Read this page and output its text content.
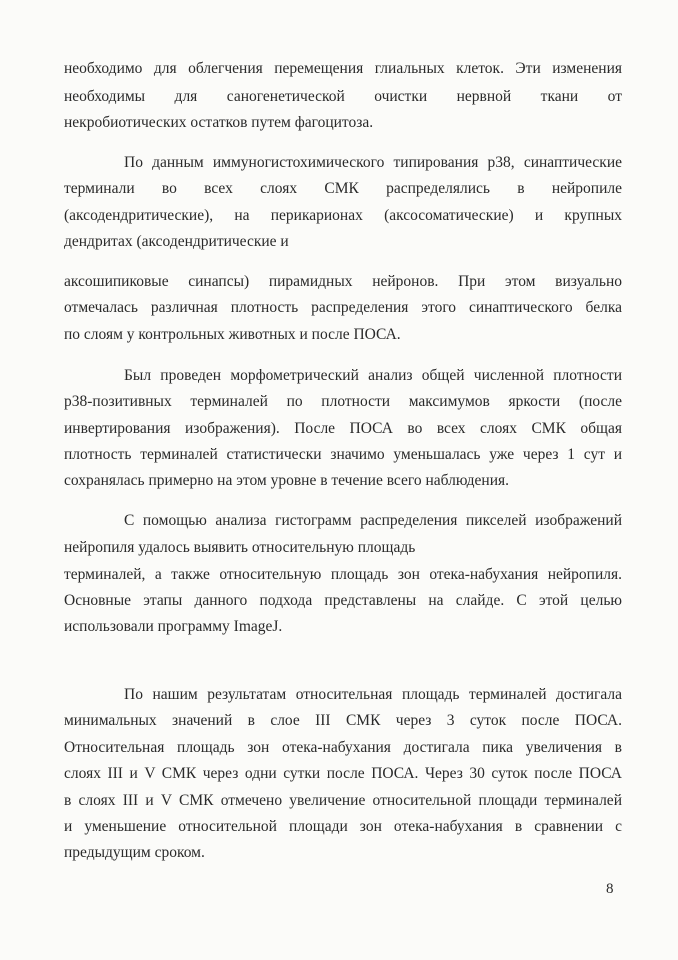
необходимо для облегчения перемещения глиальных клеток. Эти изменения
необходимы для саногенетической очистки нервной ткани от
некробиотических остатков путем фагоцитоза.
По данным иммуногистохимического типирования р38, синаптические
терминали во всех слоях СМК распределялись в нейропиле
(аксодендритические), на перикарионах (аксосоматические) и крупных
дендритах (аксодендритические и
аксошипиковые синапсы) пирамидных нейронов. При этом визуально
отмечалась различная плотность распределения этого синаптического белка
по слоям у контрольных животных и после ПОСА.
Был проведен морфометрический анализ общей численной плотности
р38-позитивных терминалей по плотности максимумов яркости (после
инвертирования изображения). После ПОСА во всех слоях СМК общая
плотность терминалей статистически значимо уменьшалась уже через 1 сут и
сохранялась примерно на этом уровне в течение всего наблюдения.
С помощью анализа гистограмм распределения пикселей изображений
нейропиля удалось выявить относительную площадь
терминалей, а также относительную площадь зон отека-набухания нейропиля.
Основные этапы данного подхода представлены на слайде. С этой целью
использовали программу ImageJ.
По нашим результатам относительная площадь терминалей достигала
минимальных значений в слое III СМК через 3 суток после ПОСА.
Относительная площадь зон отека-набухания достигала пика увеличения в
слоях III и V СМК через одни сутки после ПОСА. Через 30 суток после ПОСА
в слоях III и V СМК отмечено увеличение относительной площади терминалей
и уменьшение относительной площади зон отека-набухания в сравнении с
предыдущим сроком.
8
